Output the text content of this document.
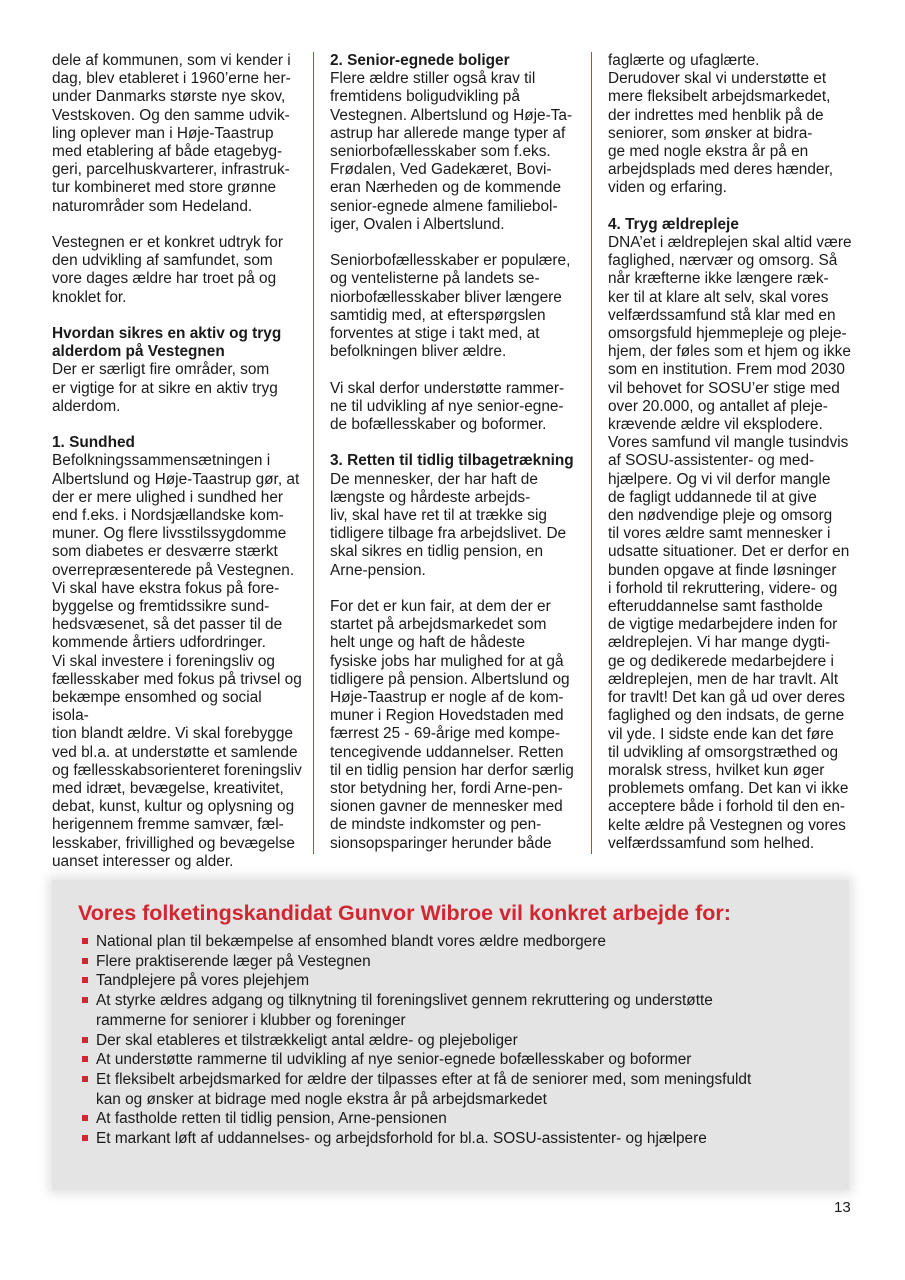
dele af kommunen, som vi kender i
dag, blev etableret i 1960’erne her-
under Danmarks største nye skov,
Vestskoven. Og den samme udvik-
ling oplever man i Høje-Taastrup
med etablering af både etagebyg-
geri, parcelhuskvarterer, infrastruk-
tur kombineret med store grønne
naturområder som Hedeland.

Vestegnen er et konkret udtryk for
den udvikling af samfundet, som
vore dages ældre har troet på og
knoklet for.

Hvordan sikres en aktiv og tryg
alderdom på Vestegnen

Der er særligt fire områder, som
er vigtige for at sikre en aktiv tryg
alderdom.

1. Sundhed

Befolkningssammensætningen i
Albertslund og Høje-Taastrup gør, at
der er mere ulighed i sundhed her
end f.eks. i Nordsjællandske kom-
muner. Og flere livsstilssygdomme
som diabetes er desværre stærkt
overrepræsenterede på Vestegnen.
Vi skal have ekstra fokus på fore-
byggelse og fremtidssikre sund-
hedsvæsenet, så det passer til de
kommende årtiers udfordringer.
Vi skal investere i foreningsliv og
fællesskaber med fokus på trivsel og
bekæmpe ensomhed og social isola-
tion blandt ældre. Vi skal forebygge
ved bl.a. at understøtte et samlende
og fællesskabsorienteret foreningsliv
med idræt, bevægelse, kreativitet,
debat, kunst, kultur og oplysning og
herigennem fremme samvær, fæl-
lesskaber, frivillighed og bevægelse
uanset interesser og alder.

2. Senior-egnede boliger

Flere ældre stiller også krav til
fremtidens boligudvikling på
Vestegnen. Albertslund og Høje-Ta-
astrup har allerede mange typer af
seniorbofællesskaber som f.eks.
Frødalen, Ved Gadekæret, Bovi-
eran Nærheden og de kommende
senior-egnede almene familiebol-
iger, Ovalen i Albertslund.

Seniorbofællesskaber er populære,
og ventelisterne på landets se-
niorbofællesskaber bliver længere
samtidig med, at efterspørgslen
forventes at stige i takt med, at
befolkningen bliver ældre.

Vi skal derfor understøtte rammer-
ne til udvikling af nye senior-egne-
de bofællesskaber og boformer.

3. Retten til tidlig tilbagetrækning

De mennesker, der har haft de
længste og hårdeste arbejds-
liv, skal have ret til at trække sig
tidligere tilbage fra arbejdslivet. De
skal sikres en tidlig pension, en
Arne-pension.

For det er kun fair, at dem der er
startet på arbejdsmarkedet som
helt unge og haft de hådeste
fysiske jobs har mulighed for at gå
tidligere på pension. Albertslund og
Høje-Taastrup er nogle af de kom-
muner i Region Hovedstaden med
færrest 25 - 69-årige med kompe-
tencegivende uddannelser. Retten
til en tidlig pension har derfor særlig
stor betydning her, fordi Arne-pen-
sionen gavner de mennesker med
de mindste indkomster og pen-
sionsopsparinger herunder både

faglærte og ufaglærte.
Derudover skal vi understøtte et
mere fleksibelt arbejdsmarkedet,
der indrettes med henblik på de
seniorer, som ønsker at bidra-
ge med nogle ekstra år på en
arbejdsplads med deres hænder,
viden og erfaring.

4. Tryg ældrepleje

DNA’et i ældreplejen skal altid være
faglighed, nærvær og omsorg. Så
når kræfterne ikke længere ræk-
ker til at klare alt selv, skal vores
velfærdssamfund stå klar med en
omsorgsfuld hjemmepleje og pleje-
hjem, der føles som et hjem og ikke
som en institution. Frem mod 2030
vil behovet for SOSU’er stige med
over 20.000, og antallet af pleje-
krævende ældre vil eksplodere.
Vores samfund vil mangle tusindvis
af SOSU-assistenter- og med-
hjælpere. Og vi vil derfor mangle
de fagligt uddannede til at give
den nødvendige pleje og omsorg
til vores ældre samt mennesker i
udsatte situationer. Det er derfor en
bunden opgave at finde løsninger
i forhold til rekruttering, videre- og
efteruddannelse samt fastholde
de vigtige medarbejdere inden for
ældreplejen. Vi har mange dygti-
ge og dedikerede medarbejdere i
ældreplejen, men de har travlt. Alt
for travlt! Det kan gå ud over deres
faglighed og den indsats, de gerne
vil yde. I sidste ende kan det føre
til udvikling af omsorgstræthed og
moralsk stress, hvilket kun øger
problemets omfang. Det kan vi ikke
acceptere både i forhold til den en-
kelte ældre på Vestegnen og vores
velfærdssamfund som helhed.

Vores folketingskandidat Gunvor Wibroe vil konkret arbejde for:
National plan til bekæmpelse af ensomhed blandt vores ældre medborgere
Flere praktiserende læger på Vestegnen
Tandplejere på vores plejehjem
At styrke ældres adgang og tilknytning til foreningslivet gennem rekruttering og understøtte
rammerne for seniorer i klubber og foreninger
Der skal etableres et tilstrækkeligt antal ældre- og plejeboliger
At understøtte rammerne til udvikling af nye senior-egnede bofællesskaber og boformer
Et fleksibelt arbejdsmarked for ældre der tilpasses efter at få de seniorer med, som meningsfuldt
kan og ønsker at bidrage med nogle ekstra år på arbejdsmarkedet
At fastholde retten til tidlig pension, Arne-pensionen
Et markant løft af uddannelses- og arbejdsforhold for bl.a. SOSU-assistenter- og hjælpere
13
